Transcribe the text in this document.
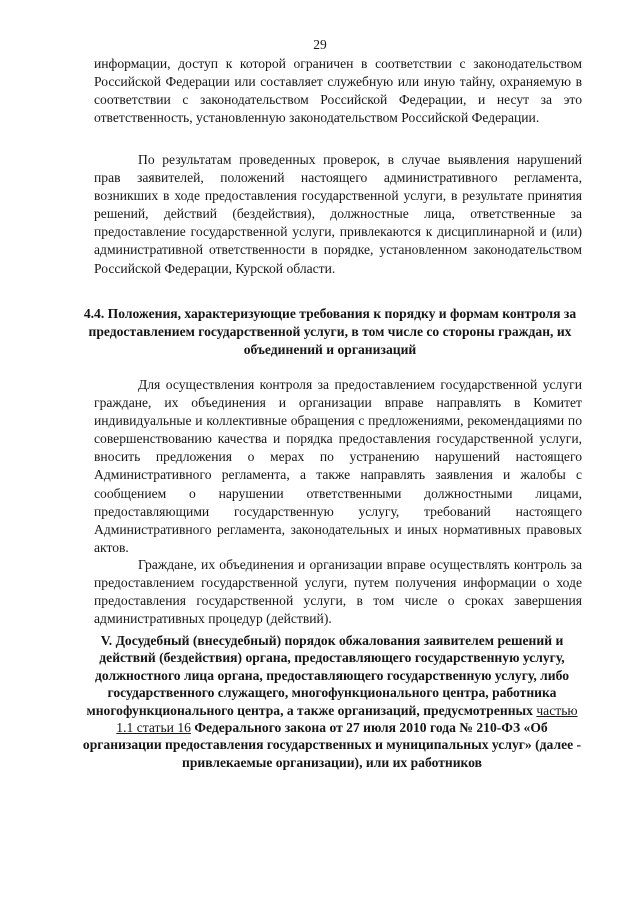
29

информации, доступ к которой ограничен в соответствии с законодательством Российской Федерации или составляет служебную или иную тайну, охраняемую в соответствии с законодательством Российской Федерации, и несут за это ответственность, установленную законодательством Российской Федерации.

По результатам проведенных проверок, в случае выявления нарушений прав заявителей, положений настоящего административного регламента, возникших в ходе предоставления государственной услуги, в результате принятия решений, действий (бездействия), должностные лица, ответственные за предоставление государственной услуги, привлекаются к дисциплинарной и (или) административной ответственности в порядке, установленном законодательством Российской Федерации, Курской области.

4.4. Положения, характеризующие требования к порядку и формам контроля за предоставлением государственной услуги, в том числе со стороны граждан, их объединений и организаций

Для осуществления контроля за предоставлением государственной услуги граждане, их объединения и организации вправе направлять в Комитет индивидуальные и коллективные обращения с предложениями, рекомендациями по совершенствованию качества и порядка предоставления государственной услуги, вносить предложения о мерах по устранению нарушений настоящего Административного регламента, а также направлять заявления и жалобы с сообщением о нарушении ответственными должностными лицами, предоставляющими государственную услугу, требований настоящего Административного регламента, законодательных и иных нормативных правовых актов.

Граждане, их объединения и организации вправе осуществлять контроль за предоставлением государственной услуги, путем получения информации о ходе предоставления государственной услуги, в том числе о сроках завершения административных процедур (действий).

V. Досудебный (внесудебный) порядок обжалования заявителем решений и действий (бездействия) органа, предоставляющего государственную услугу, должностного лица органа, предоставляющего государственную услугу, либо государственного служащего, многофункционального центра, работника многофункционального центра, а также организаций, предусмотренных частью 1.1 статьи 16 Федерального закона от 27 июля 2010 года № 210-ФЗ «Об организации предоставления государственных и муниципальных услуг» (далее - привлекаемые организации), или их работников
